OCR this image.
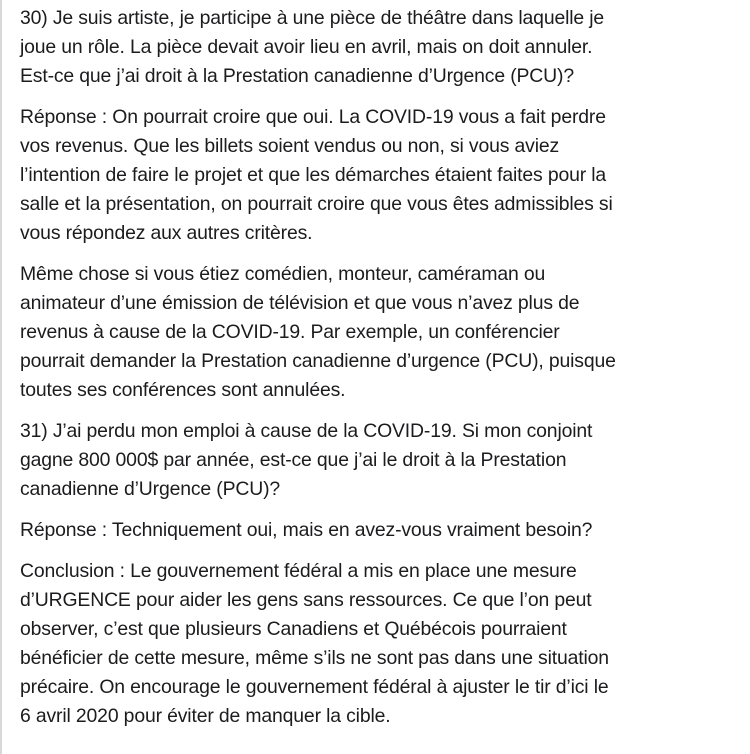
30) Je suis artiste, je participe à une pièce de théâtre dans laquelle je
joue un rôle. La pièce devait avoir lieu en avril, mais on doit annuler.
Est-ce que j’ai droit à la Prestation canadienne d’Urgence (PCU)?

Réponse : On pourrait croire que oui. La COVID-19 vous a fait perdre
vos revenus. Que les billets soient vendus ou non, si vous aviez
l’intention de faire le projet et que les démarches étaient faites pour la
salle et la présentation, on pourrait croire que vous êtes admissibles si
vous répondez aux autres critères.

Même chose si vous étiez comédien, monteur, caméraman ou
animateur d’une émission de télévision et que vous n’avez plus de
revenus à cause de la COVID-19. Par exemple, un conférencier
pourrait demander la Prestation canadienne d’urgence (PCU), puisque
toutes ses conférences sont annulées.

31) J’ai perdu mon emploi à cause de la COVID-19. Si mon conjoint
gagne 800 000$ par année, est-ce que j’ai le droit à la Prestation
canadienne d’Urgence (PCU)?

Réponse : Techniquement oui, mais en avez-vous vraiment besoin?

Conclusion : Le gouvernement fédéral a mis en place une mesure
d’URGENCE pour aider les gens sans ressources. Ce que l’on peut
observer, c’est que plusieurs Canadiens et Québécois pourraient
bénéficier de cette mesure, même s’ils ne sont pas dans une situation
précaire. On encourage le gouvernement fédéral à ajuster le tir d’ici le
6 avril 2020 pour éviter de manquer la cible.
